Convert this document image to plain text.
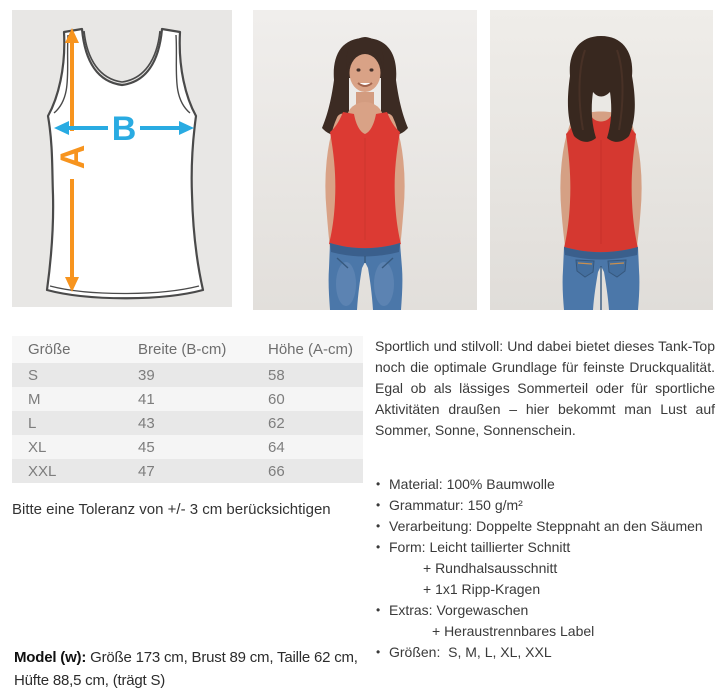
A
B
Größe	Breite (B-cm)	Höhe (A-cm)
S	39	58
M	41	60
L	43	62
XL	45	64
XXL	47	66
Bitte eine Toleranz von +/- 3 cm berücksichtigen

Sportlich und stilvoll: Und dabei bietet dieses Tank-Top noch die optimale Grundlage für feinste Druckqualität. Egal ob als lässiges Sommerteil oder für sportliche Aktivitäten draußen – hier bekommt man Lust auf Sommer, Sonne, Sonnenschein.

• Material: 100% Baumwolle
• Grammatur: 150 g/m²
• Verarbeitung: Doppelte Steppnaht an den Säumen
• Form: Leicht taillierter Schnitt
+ Rundhalsausschnitt
+ 1x1 Ripp-Kragen
• Extras: Vorgewaschen
+ Heraustrennbares Label
• Größen:  S, M, L, XL, XXL
Model (w): Größe 173 cm, Brust 89 cm, Taille 62 cm, Hüfte 88,5 cm, (trägt S)
